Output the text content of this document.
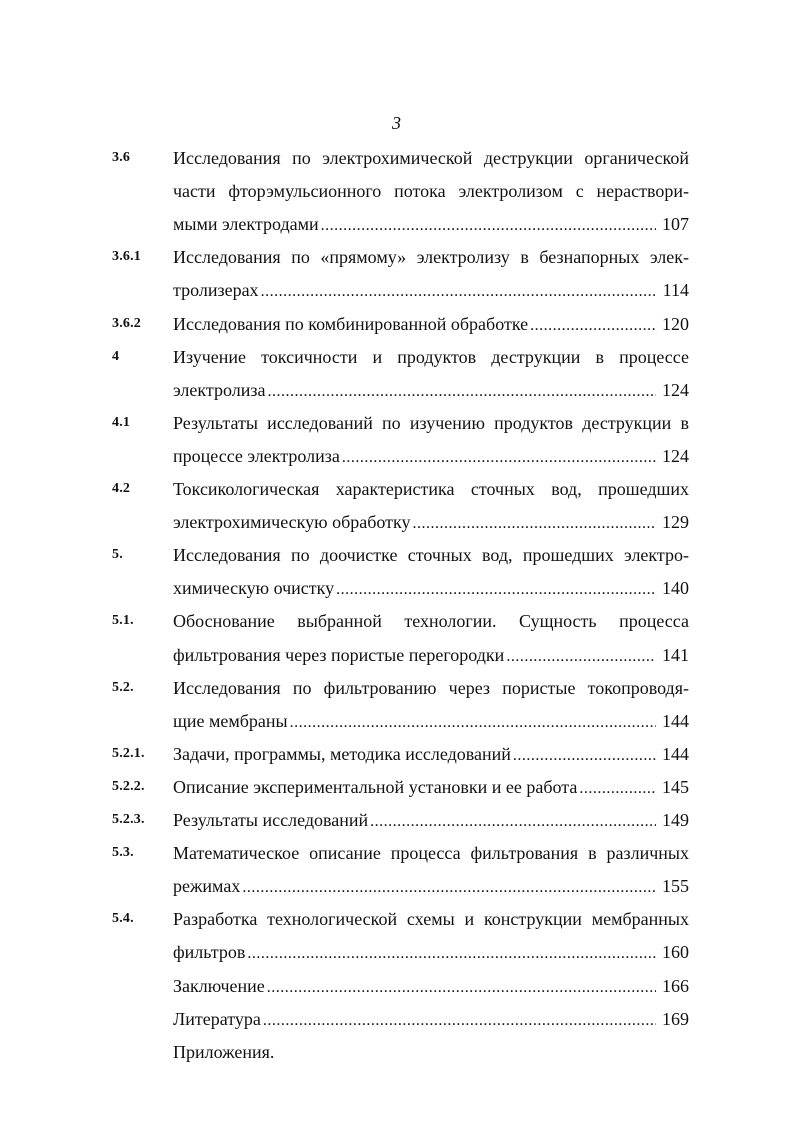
3
3.6 Исследования по электрохимической деструкции органической
части фторэмульсионного потока электролизом с нераствори-
мыми электродами .....	107
3.6.1 Исследования по «прямому» электролизу в безнапорных элек-
тролизерах .....	114
3.6.2 Исследования по комбинированной обработке .....	120
4	Изучение токсичности и продуктов деструкции в процессе
электролиза .....	124
4.1 Результаты исследований по изучению продуктов деструкции в
процессе электролиза .....	124
4.2 Токсикологическая характеристика сточных вод, прошедших
электрохимическую обработку .....	129
5.	Исследования по доочистке сточных вод, прошедших электро-
химическую очистку .....	140
5.1. Обоснование выбранной технологии. Сущность процесса
фильтрования через пористые перегородки .....	141
5.2. Исследования по фильтрованию через пористые токопроводя-
щие мембраны .....	144
5.2.1. Задачи, программы, методика исследований .....	144
5.2.2. Описание экспериментальной установки и ее работа .....	145
5.2.3. Результаты исследований .....	149
5.3. Математическое описание процесса фильтрования в различных
режимах .....	155
5.4. Разработка технологической схемы и конструкции мембранных
фильтров .....	160
Заключение .....	166
Литература .....	169
Приложения.
